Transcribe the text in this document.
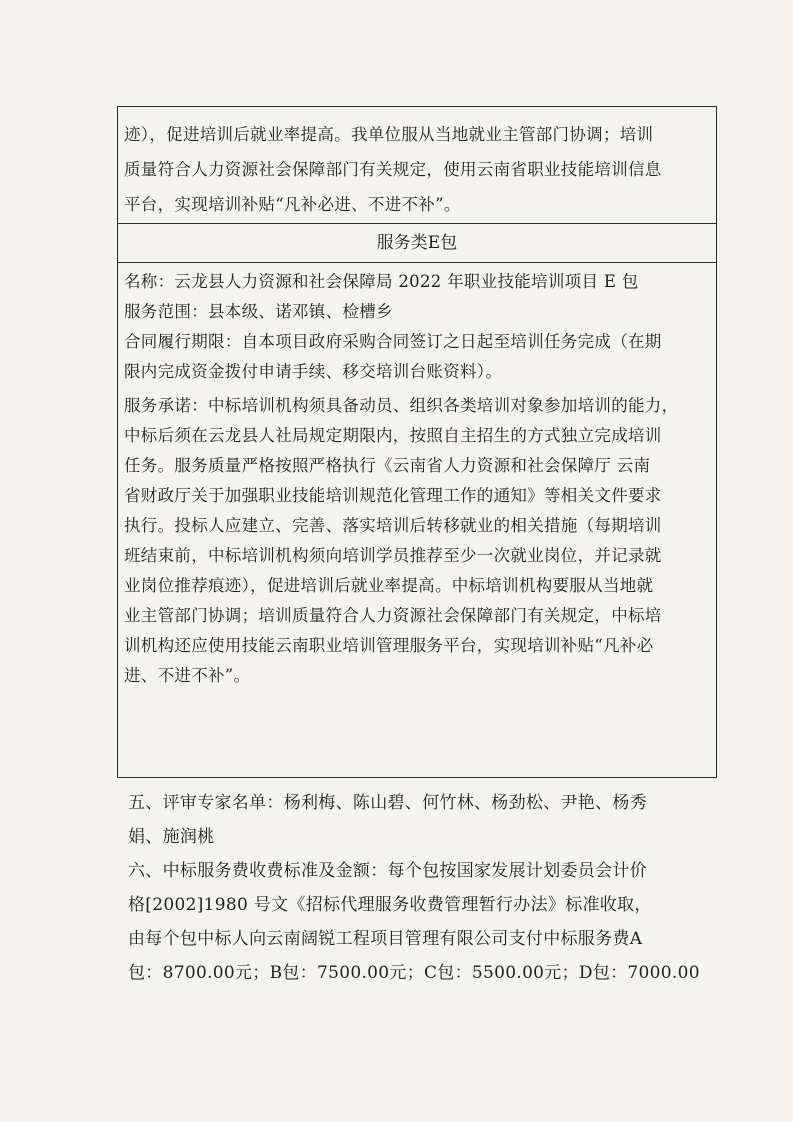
迹），促进培训后就业率提高。我单位服从当地就业主管部门协调；培训
质量符合人力资源社会保障部门有关规定，使用云南省职业技能培训信息
平台，实现培训补贴“凡补必进、不进不补”。
服务类E包
名称：云龙县人力资源和社会保障局 2022 年职业技能培训项目 E 包
服务范围：县本级、诺邓镇、检槽乡
合同履行期限：自本项目政府采购合同签订之日起至培训任务完成（在期
限内完成资金拨付申请手续、移交培训台账资料）。
服务承诺：中标培训机构须具备动员、组织各类培训对象参加培训的能力，
中标后须在云龙县人社局规定期限内，按照自主招生的方式独立完成培训
任务。服务质量严格按照严格执行《云南省人力资源和社会保障厅 云南
省财政厅关于加强职业技能培训规范化管理工作的通知》等相关文件要求
执行。投标人应建立、完善、落实培训后转移就业的相关措施（每期培训
班结束前，中标培训机构须向培训学员推荐至少一次就业岗位，并记录就
业岗位推荐痕迹），促进培训后就业率提高。中标培训机构要服从当地就
业主管部门协调；培训质量符合人力资源社会保障部门有关规定，中标培
训机构还应使用技能云南职业培训管理服务平台，实现培训补贴“凡补必
进、不进不补”。
五、评审专家名单：杨利梅、陈山碧、何竹林、杨劲松、尹艳、杨秀
娟、施润桃
六、中标服务费收费标准及金额：每个包按国家发展计划委员会计价
格[2002]1980 号文《招标代理服务收费管理暂行办法》标准收取，
由每个包中标人向云南阔锐工程项目管理有限公司支付中标服务费A
包：8700.00元；B包：7500.00元；C包：5500.00元；D包：7000.00
